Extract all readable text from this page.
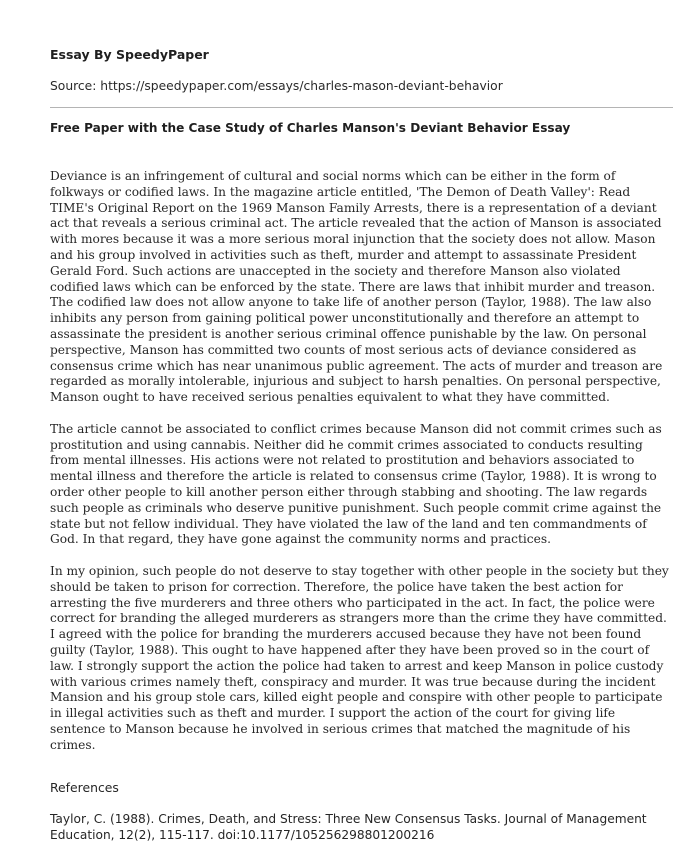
Essay By SpeedyPaper
Source: https://speedypaper.com/essays/charles-mason-deviant-behavior
Free Paper with the Case Study of Charles Manson's Deviant Behavior Essay

Deviance is an infringement of cultural and social norms which can be either in the form of folkways or codified laws. In the magazine article entitled, 'The Demon of Death Valley': Read TIME's Original Report on the 1969 Manson Family Arrests, there is a representation of a deviant act that reveals a serious criminal act. The article revealed that the action of Manson is associated with mores because it was a more serious moral injunction that the society does not allow. Mason and his group involved in activities such as theft, murder and attempt to assassinate President Gerald Ford. Such actions are unaccepted in the society and therefore Manson also violated codified laws which can be enforced by the state. There are laws that inhibit murder and treason. The codified law does not allow anyone to take life of another person (Taylor, 1988). The law also inhibits any person from gaining political power unconstitutionally and therefore an attempt to assassinate the president is another serious criminal offence punishable by the law. On personal perspective, Manson has committed two counts of most serious acts of deviance considered as consensus crime which has near unanimous public agreement. The acts of murder and treason are regarded as morally intolerable, injurious and subject to harsh penalties. On personal perspective, Manson ought to have received serious penalties equivalent to what they have committed.

The article cannot be associated to conflict crimes because Manson did not commit crimes such as prostitution and using cannabis. Neither did he commit crimes associated to conducts resulting from mental illnesses. His actions were not related to prostitution and behaviors associated to mental illness and therefore the article is related to consensus crime (Taylor, 1988). It is wrong to order other people to kill another person either through stabbing and shooting. The law regards such people as criminals who deserve punitive punishment. Such people commit crime against the state but not fellow individual. They have violated the law of the land and ten commandments of God. In that regard, they have gone against the community norms and practices.

In my opinion, such people do not deserve to stay together with other people in the society but they should be taken to prison for correction. Therefore, the police have taken the best action for arresting the five murderers and three others who participated in the act. In fact, the police were correct for branding the alleged murderers as strangers more than the crime they have committed. I agreed with the police for branding the murderers accused because they have not been found guilty (Taylor, 1988). This ought to have happened after they have been proved so in the court of law. I strongly support the action the police had taken to arrest and keep Manson in police custody with various crimes namely theft, conspiracy and murder. It was true because during the incident Mansion and his group stole cars, killed eight people and conspire with other people to participate in illegal activities such as theft and murder. I support the action of the court for giving life sentence to Manson because he involved in serious crimes that matched the magnitude of his crimes.

References
Taylor, C. (1988). Crimes, Death, and Stress: Three New Consensus Tasks. Journal of Management Education, 12(2), 115-117. doi:10.1177/105256298801200216
